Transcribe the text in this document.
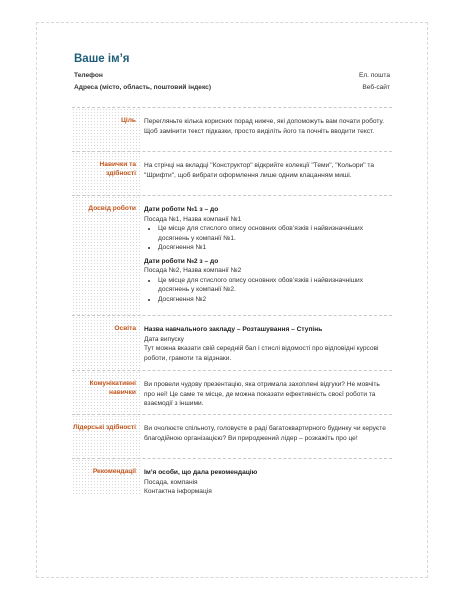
Ваше ім’я
Телефон	Ел. пошта
Адреса (місто, область, поштовий індекс)	Веб-сайт
Ціль Перегляньте кілька корисних порад нижче, які допоможуть вам почати роботу. Щоб замінити текст підказки, просто виділіть його та почніть вводити текст.
Навички та здібності
На стрічці на вкладці "Конструктор" відкрийте колекції "Теми", "Кольори" та "Шрифти", щоб вибрати оформлення лише одним клацанням миші.
Досвід роботи Дати роботи №1 з – до

Посада №1, Назва компанії №1

• Це місце для стислого опису основних обов’язків і найвизначніших досягнень у компанії №1.
• Досягнення №1

Дати роботи №2 з – до

Посада №2, Назва компанії №2

• Це місце для стислого опису основних обов’язків і найвизначніших досягнень у компанії №2.
• Досягнення №2
Освіта Назва навчального закладу – Розташування – Ступінь

Дата випуску

Тут можна вказати свій середній бал і стислі відомості про відповідні курсові роботи, грамоти та відзнаки.

Комунікативні навички
Ви провели чудову презентацію, яка отримала захоплені відгуки? Не мовчіть про неї! Це саме те місце, де можна показати ефективність своєї роботи та взаємодії з іншими.
Лідерські здібності Ви очолюєте спільноту, головуєте в раді багатоквартирного будинку чи керуєте благодійною організацією? Ви природжений лідер – розкажіть про це!
Рекомендації Ім’я особи, що дала рекомендацію

Посада, компанія

Контактна інформація
